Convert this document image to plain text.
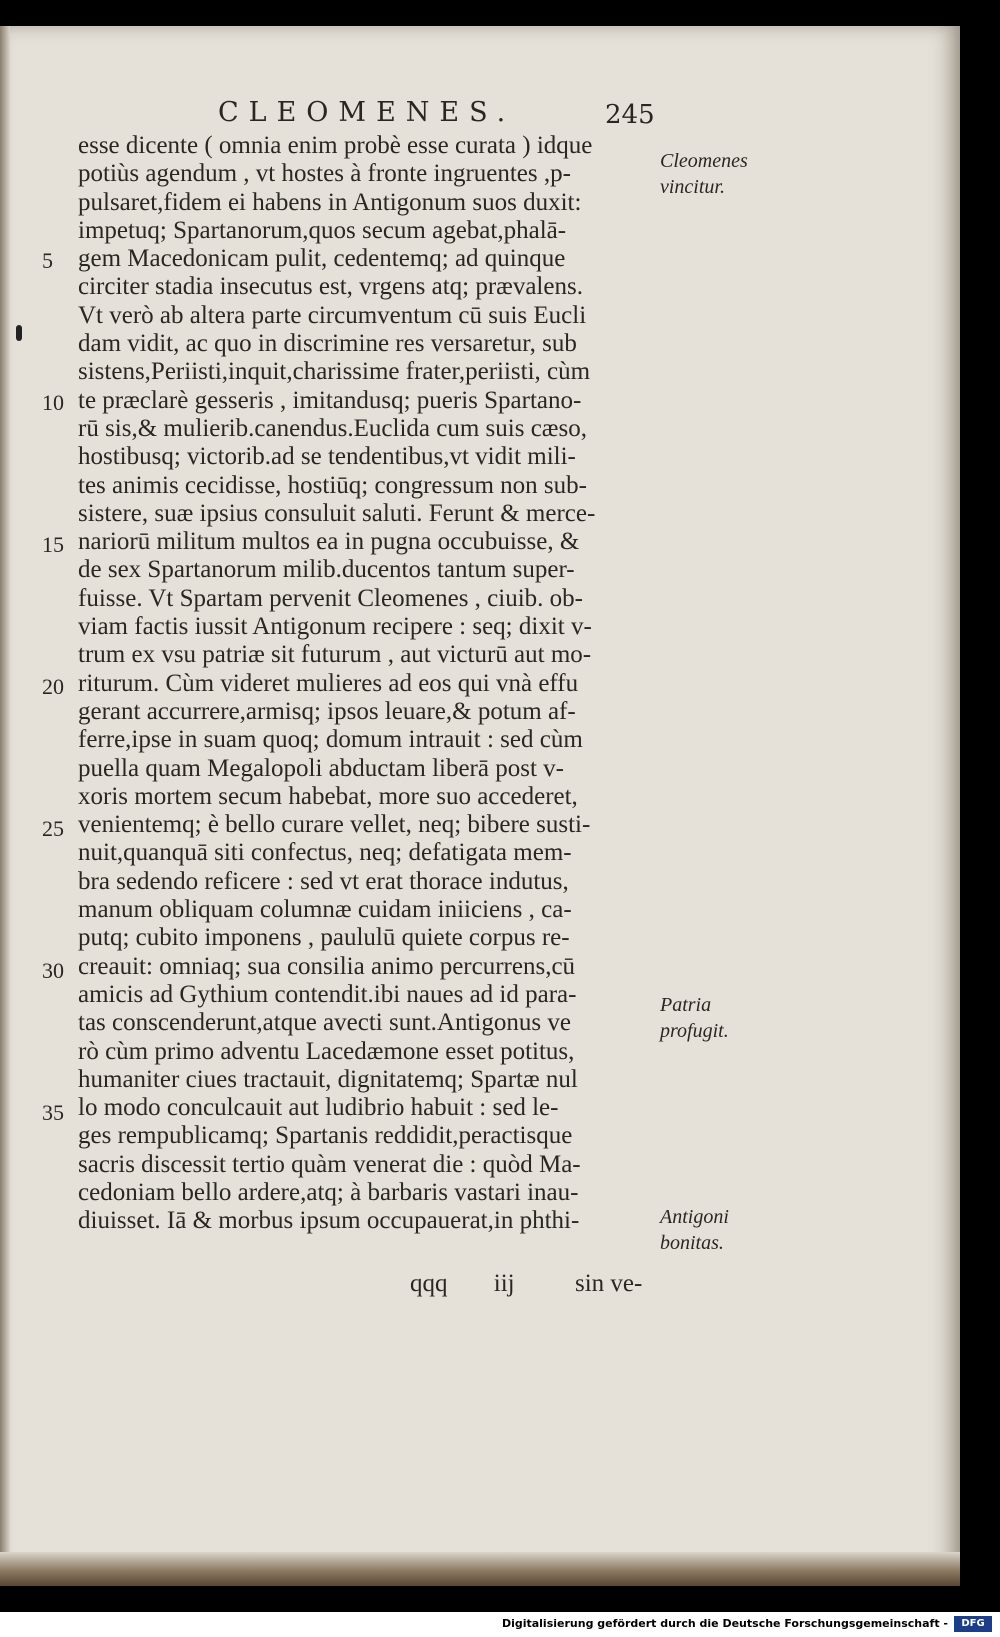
CLEOMENES.	245
esse dicente ( omnia enim probè esse curata ) idque
potiùs agendum , vt hostes à fronte ingruentes ,p-
pulsaret,fidem ei habens in Antigonum suos duxit:
impetuq; Spartanorum,quos secum agebat,phalā-
gem Macedonicam pulit, cedentemq; ad quinque
circiter stadia insecutus est, vrgens atq; prævalens.
Vt verò ab altera parte circumventum cū suis Eucli
dam vidit, ac quo in discrimine res versaretur, sub
sistens,Periisti,inquit,charissime frater,periisti, cùm
te præclarè gesseris , imitandusq; pueris Spartano-
rū sis,& mulierib.canendus.Euclida cum suis cæso,
hostibusq; victorib.ad se tendentibus,vt vidit mili-
tes animis cecidisse, hostiūq; congressum non sub-
sistere, suæ ipsius consuluit saluti. Ferunt & merce-
nariorū militum multos ea in pugna occubuisse, &
de sex Spartanorum milib.ducentos tantum super-
fuisse. Vt Spartam pervenit Cleomenes , ciuib. ob-
viam factis iussit Antigonum recipere : seq; dixit v-
trum ex vsu patriæ sit futurum , aut victurū aut mo-
riturum. Cùm videret mulieres ad eos qui vnà effu
gerant accurrere,armisq; ipsos leuare,& potum af-
ferre,ipse in suam quoq; domum intrauit : sed cùm
puella quam Megalopoli abductam liberā post v-
xoris mortem secum habebat, more suo accederet,
venientemq; è bello curare vellet, neq; bibere susti-
nuit,quanquā siti confectus, neq; defatigata mem-
bra sedendo reficere : sed vt erat thorace indutus,
manum obliquam columnæ cuidam iniiciens , ca-
putq; cubito imponens , paululū quiete corpus re-
creauit: omniaq; sua consilia animo percurrens,cū
amicis ad Gythium contendit.ibi naues ad id para-
tas conscenderunt,atque avecti sunt.Antigonus ve
rò cùm primo adventu Lacedæmone esset potitus,
humaniter ciues tractauit, dignitatemq; Spartæ nul
lo modo conculcauit aut ludibrio habuit : sed le-
ges rempublicamq; Spartanis reddidit,peractisque
sacris discessit tertio quàm venerat die : quòd Ma-
cedoniam bello ardere,atq; à barbaris vastari inau-
diuisset. Iā & morbus ipsum occupauerat,in phthi-
5
10
15
20
25
30
35
Cleomenes vincitur.
Patria profugit.
Antigoni bonitas.
qqq iij sin ve-
Digitalisierung gefördert durch die Deutsche Forschungsgemeinschaft -	DFG
